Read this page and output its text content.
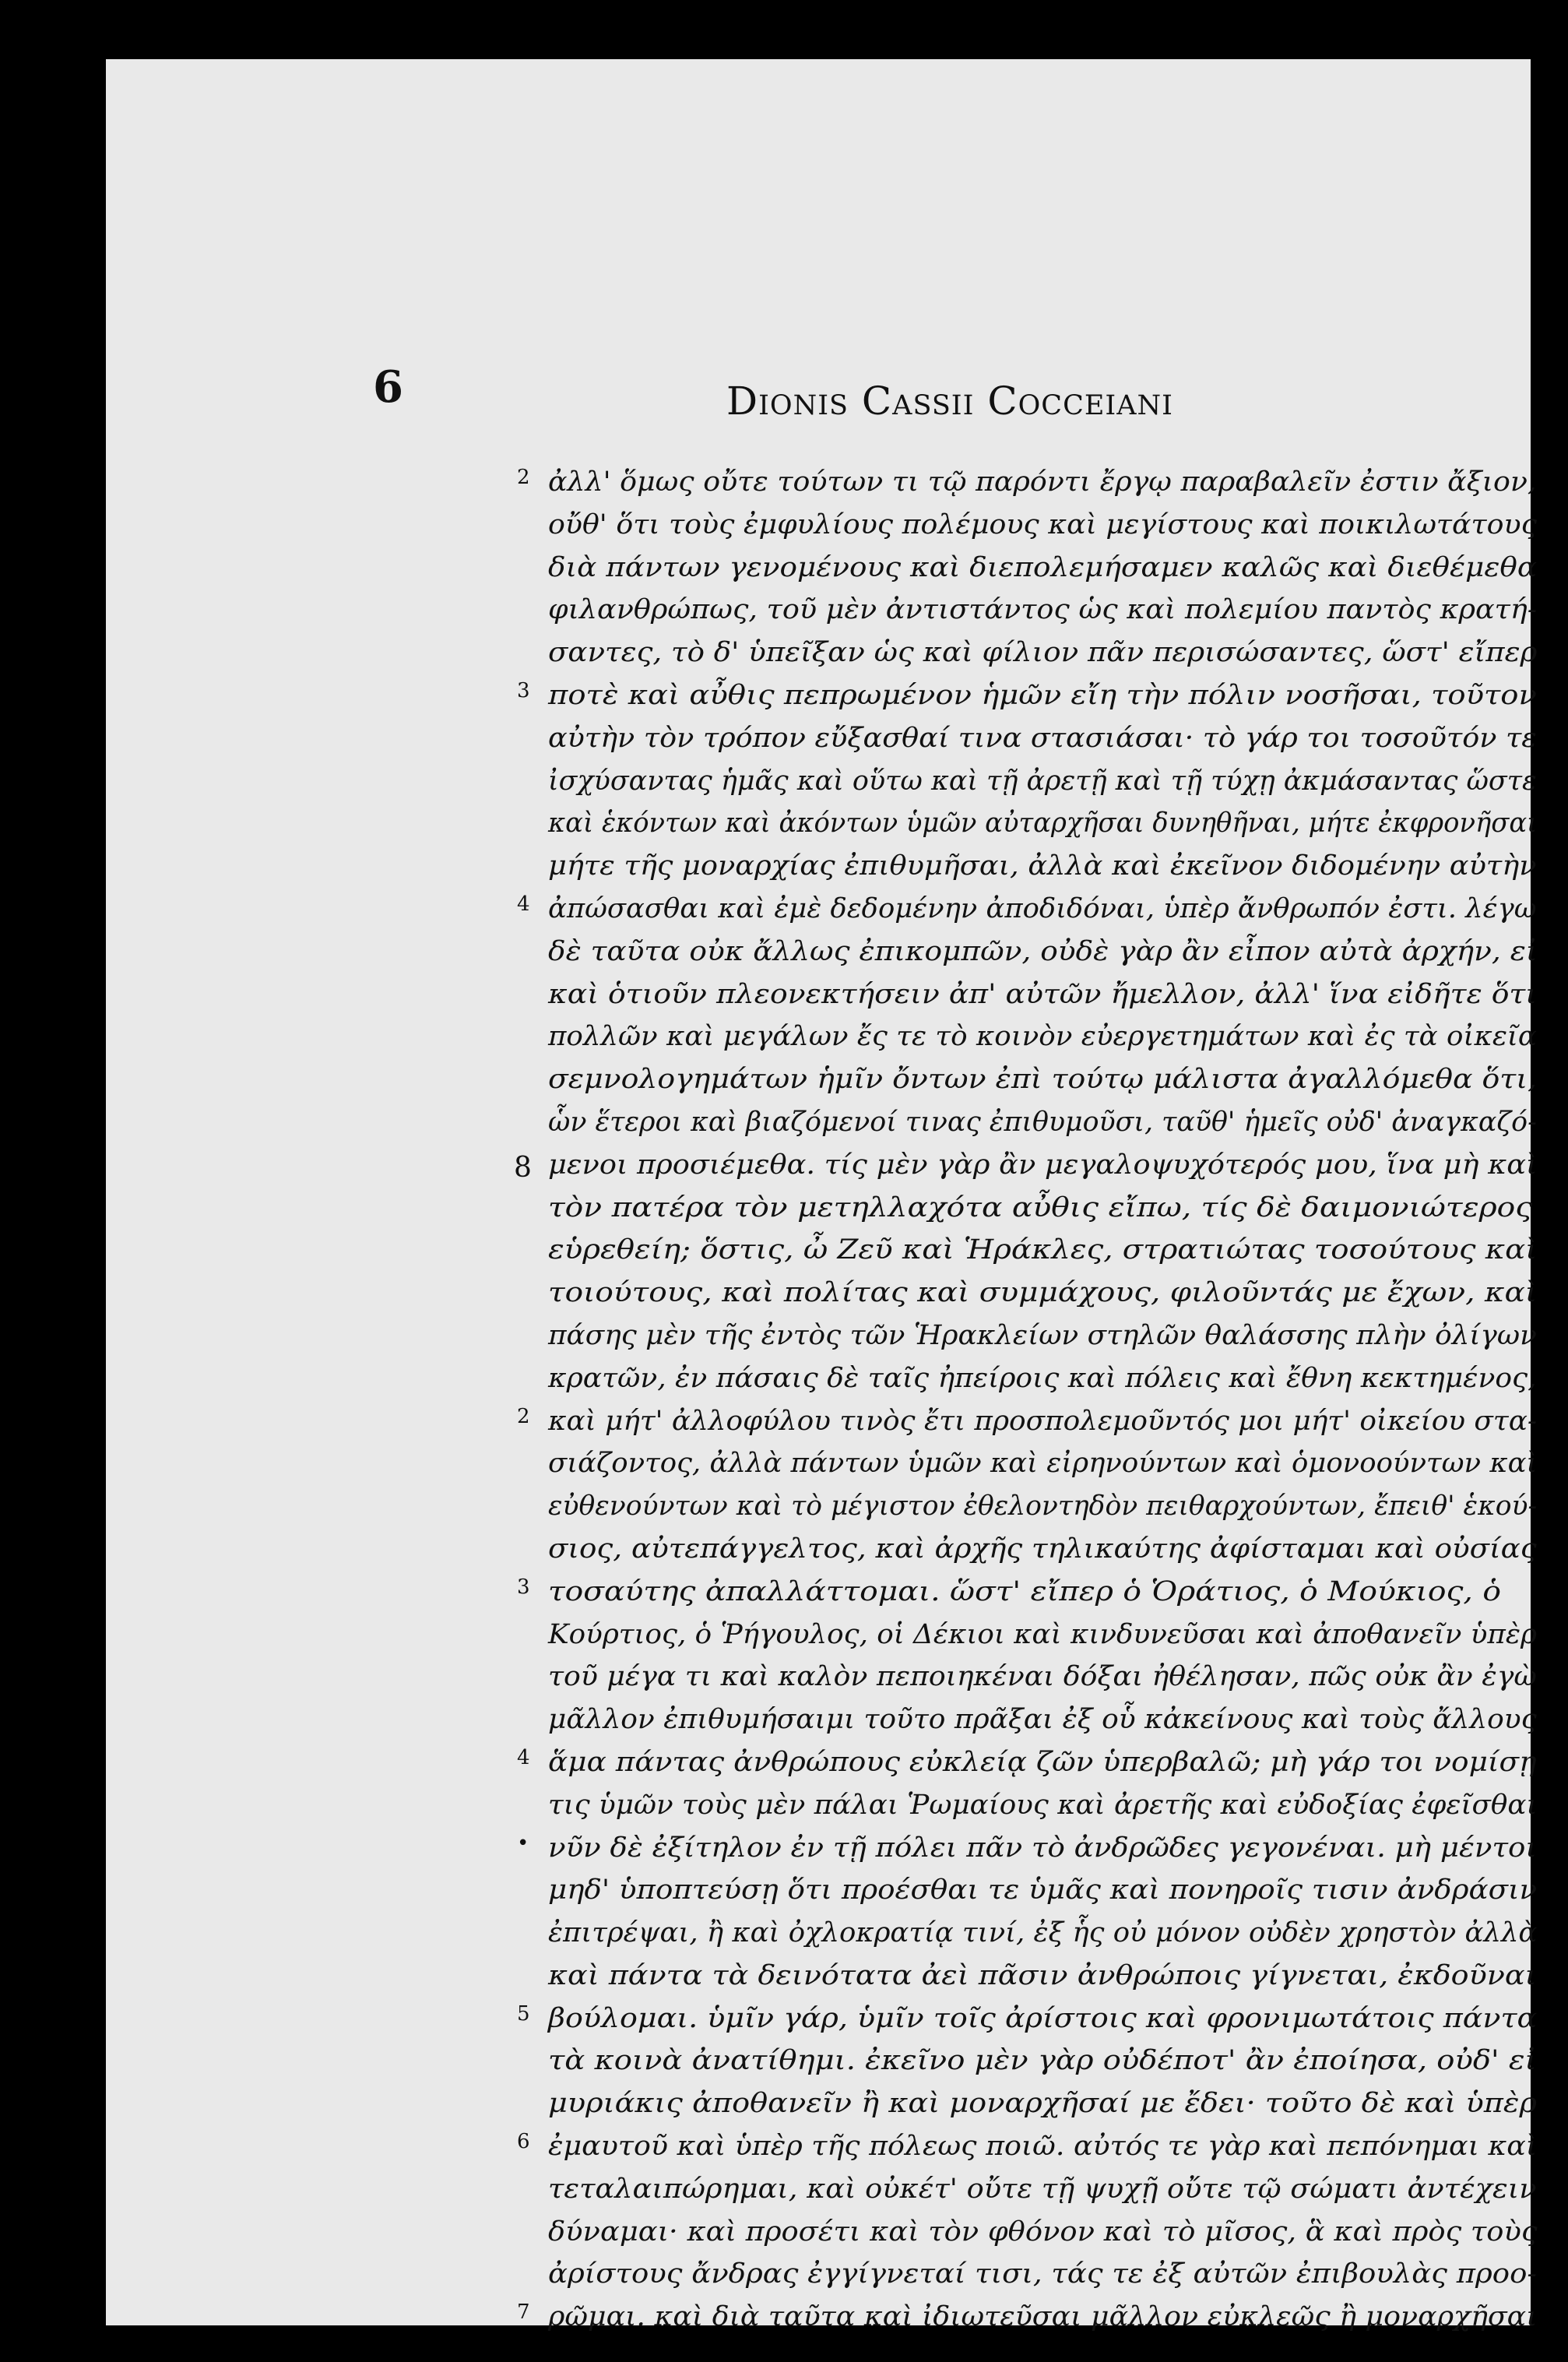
6	Dionis Cassii Cocceiani
2 ἀλλ' ὅμως οὔτε τούτων τι τῷ παρόντι ἔργῳ παραβαλεῖν ἐστιν ἄξιον,
οὔθ' ὅτι τοὺς ἐμφυλίους πολέμους καὶ μεγίστους καὶ ποικιλωτάτους
διὰ πάντων γενομένους καὶ διεπολεμήσαμεν καλῶς καὶ διεθέμεθα
φιλανθρώπως, τοῦ μὲν ἀντιστάντος ὡς καὶ πολεμίου παντὸς κρατή-
σαντες, τὸ δ' ὑπεῖξαν ὡς καὶ φίλιον πᾶν περισώσαντες, ὥστ' εἴπερ
3 ποτὲ καὶ αὖθις πεπρωμένον ἡμῶν εἴη τὴν πόλιν νοσῆσαι, τοῦτον
αὐτὴν τὸν τρόπον εὔξασθαί τινα στασιάσαι· τὸ γάρ τοι τοσοῦτόν τε
ἰσχύσαντας ἡμᾶς καὶ οὕτω καὶ τῇ ἀρετῇ καὶ τῇ τύχῃ ἀκμάσαντας ὥστε
καὶ ἑκόντων καὶ ἀκόντων ὑμῶν αὐταρχῆσαι δυνηθῆναι, μήτε ἐκφρονῆσαι
μήτε τῆς μοναρχίας ἐπιθυμῆσαι, ἀλλὰ καὶ ἐκεῖνον διδομένην αὐτὴν
4 ἀπώσασθαι καὶ ἐμὲ δεδομένην ἀποδιδόναι, ὑπὲρ ἄνθρωπόν ἐστι. λέγω
δὲ ταῦτα οὐκ ἄλλως ἐπικομπῶν, οὐδὲ γὰρ ἂν εἶπον αὐτὰ ἀρχήν, εἰ
καὶ ὁτιοῦν πλεονεκτήσειν ἀπ' αὐτῶν ἤμελλον, ἀλλ' ἵνα εἰδῆτε ὅτι
πολλῶν καὶ μεγάλων ἔς τε τὸ κοινὸν εὐεργετημάτων καὶ ἐς τὰ οἰκεῖα
σεμνολογημάτων ἡμῖν ὄντων ἐπὶ τούτῳ μάλιστα ἀγαλλόμεθα ὅτι,
ὧν ἕτεροι καὶ βιαζόμενοί τινας ἐπιθυμοῦσι, ταῦθ' ἡμεῖς οὐδ' ἀναγκαζό-
8 μενοι προσιέμεθα. τίς μὲν γὰρ ἂν μεγαλοψυχότερός μου, ἵνα μὴ καὶ
τὸν πατέρα τὸν μετηλλαχότα αὖθις εἴπω, τίς δὲ δαιμονιώτερος
εὑρεθείη; ὅστις, ὦ Ζεῦ καὶ Ἡράκλες, στρατιώτας τοσούτους καὶ
τοιούτους, καὶ πολίτας καὶ συμμάχους, φιλοῦντάς με ἔχων, καὶ
πάσης μὲν τῆς ἐντὸς τῶν Ἡρακλείων στηλῶν θαλάσσης πλὴν ὀλίγων
κρατῶν, ἐν πάσαις δὲ ταῖς ἠπείροις καὶ πόλεις καὶ ἔθνη κεκτημένος,
2 καὶ μήτ' ἀλλοφύλου τινὸς ἔτι προσπολεμοῦντός μοι μήτ' οἰκείου στα-
σιάζοντος, ἀλλὰ πάντων ὑμῶν καὶ εἰρηνούντων καὶ ὁμονοούντων καὶ
εὐθενούντων καὶ τὸ μέγιστον ἐθελοντηδὸν πειθαρχούντων, ἔπειθ' ἑκού-
σιος, αὐτεπάγγελτος, καὶ ἀρχῆς τηλικαύτης ἀφίσταμαι καὶ οὐσίας
3 τοσαύτης ἀπαλλάττομαι. ὥστ' εἴπερ ὁ Ὁράτιος, ὁ Μούκιος, ὁ
Κούρτιος, ὁ Ῥήγουλος, οἱ Δέκιοι καὶ κινδυνεῦσαι καὶ ἀποθανεῖν ὑπὲρ
τοῦ μέγα τι καὶ καλὸν πεποιηκέναι δόξαι ἠθέλησαν, πῶς οὐκ ἂν ἐγὼ
μᾶλλον ἐπιθυμήσαιμι τοῦτο πρᾶξαι ἐξ οὗ κἀκείνους καὶ τοὺς ἄλλους
4 ἅμα πάντας ἀνθρώπους εὐκλείᾳ ζῶν ὑπερβαλῶ; μὴ γάρ τοι νομίσῃ
τις ὑμῶν τοὺς μὲν πάλαι Ῥωμαίους καὶ ἀρετῆς καὶ εὐδοξίας ἐφεῖσθαι
• νῦν δὲ ἐξίτηλον ἐν τῇ πόλει πᾶν τὸ ἀνδρῶδες γεγονέναι. μὴ μέντοι
μηδ' ὑποπτεύσῃ ὅτι προέσθαι τε ὑμᾶς καὶ πονηροῖς τισιν ἀνδράσιν
ἐπιτρέψαι, ἢ καὶ ὀχλοκρατίᾳ τινί, ἐξ ἧς οὐ μόνον οὐδὲν χρηστὸν ἀλλὰ
καὶ πάντα τὰ δεινότατα ἀεὶ πᾶσιν ἀνθρώποις γίγνεται, ἐκδοῦναι
5 βούλομαι. ὑμῖν γάρ, ὑμῖν τοῖς ἀρίστοις καὶ φρονιμωτάτοις πάντα
τὰ κοινὰ ἀνατίθημι. ἐκεῖνο μὲν γὰρ οὐδέποτ' ἂν ἐποίησα, οὐδ' εἰ
μυριάκις ἀποθανεῖν ἢ καὶ μοναρχῆσαί με ἔδει· τοῦτο δὲ καὶ ὑπὲρ
6 ἐμαυτοῦ καὶ ὑπὲρ τῆς πόλεως ποιῶ. αὐτός τε γὰρ καὶ πεπόνημαι καὶ
τεταλαιπώρημαι, καὶ οὐκέτ' οὔτε τῇ ψυχῇ οὔτε τῷ σώματι ἀντέχειν
δύναμαι· καὶ προσέτι καὶ τὸν φθόνον καὶ τὸ μῖσος, ἃ καὶ πρὸς τοὺς
ἀρίστους ἄνδρας ἐγγίγνεταί τισι, τάς τε ἐξ αὐτῶν ἐπιβουλὰς προο-
7 ρῶμαι. καὶ διὰ ταῦτα καὶ ἰδιωτεῦσαι μᾶλλον εὐκλεῶς ἢ μοναρχῆσαι
